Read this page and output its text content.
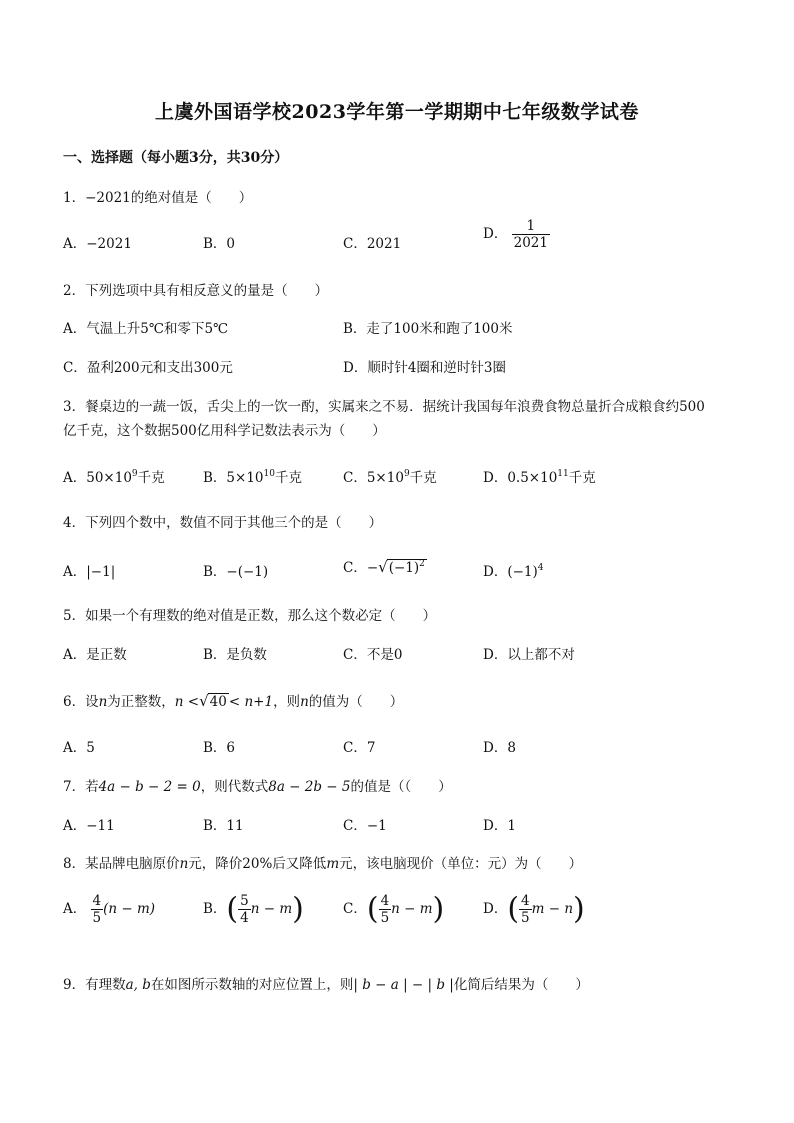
上虞外国语学校2023学年第一学期期中七年级数学试卷
一、选择题（每小题3分，共30分）
1．−2021的绝对值是（　　）
A．−2021	B．0	C．2021
D． $\frac{1}{2021}$
2．下列选项中具有相反意义的量是（　　）
A．气温上升5℃和零下5℃	B．走了100米和跑了100米
C．盈利200元和支出300元	D．顺时针4圈和逆时针3圈
3．餐桌边的一蔬一饭，舌尖上的一饮一酌，实属来之不易．据统计我国每年浪费食物总量折合成粮食约500
亿千克，这个数据500亿用科学记数法表示为（　　）
A．$50\times 10^9$千克	B．$5\times 10^{10}$千克	C．$5\times 10^9$千克	D．$0.5\times 10^{11}$千克
4．下列四个数中，数值不同于其他三个的是（　　）
A．|−1|	B．−(−1)	C．$-√(-1)^2$	D．$(-1)^4$
5．如果一个有理数的绝对值是正数，那么这个数必定（　　）
A．是正数	B．是负数	C．不是0	D．以上都不对
6．设n为正整数，n <√40 < n+1，则n的值为（　　）
A．5	B．6	C．7	D．8
7．若4a − b − 2 = 0，则代数式8a − 2b − 5的值是（（　　）
A．−11	B．11	C．−1	D．1
8．某品牌电脑原价n元，降价20%后又降低m元，该电脑现价（单位：元）为（　　）
A． $\frac{4}{5} (n - m)$	B．( $\frac{5}{4}$ n − m)	C．( $\frac{4}{5}$ n − m)	D．( $\frac{4}{5}$ m − n)
9．有理数a, b在如图所示数轴的对应位置上，则| b − a | − | b |化简后结果为（　　）
